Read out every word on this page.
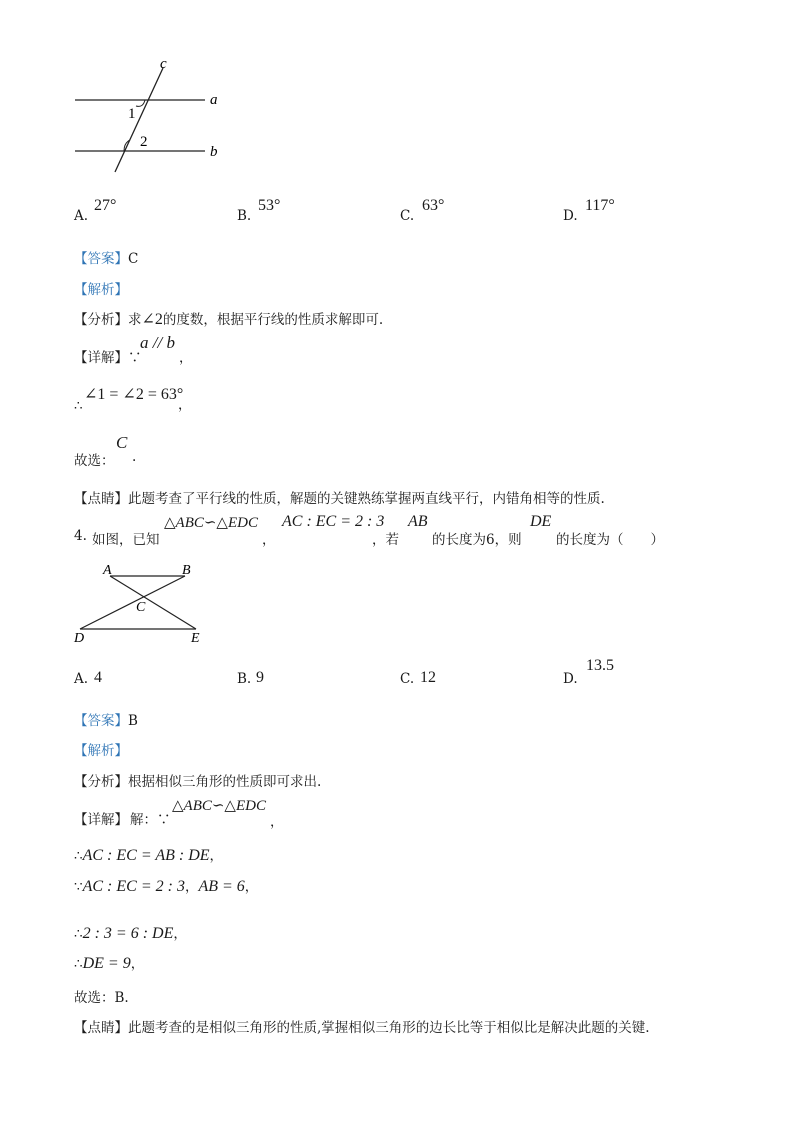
c
a
b
1
2
A.
27°
B.
53°
C.
63°
D.
117°
【答案】C
【解析】
【分析】求∠2的度数，根据平行线的性质求解即可.
【详解】∵
a // b
，
∴
∠1 = ∠2 = 63°
，
故选：
C
.
【点睛】此题考查了平行线的性质，解题的关键熟练掌握两直线平行，内错角相等的性质.
4. 如图，已知
△ABC∽△EDC
，
AC : EC = 2 : 3
，若
AB
的长度为6，则
DE
的长度为（　　）
A	B
C
D	E
A. 4	B. 9	C. 12	D.
13.5
【答案】B
【解析】
【分析】根据相似三角形的性质即可求出.
【详解】 解：∵
△ABC∽△EDC
，
∴AC : EC = AB : DE，
∵AC : EC = 2 : 3，AB = 6，
∴2 : 3 = 6 : DE，
∴DE = 9，
故选：B.
【点睛】此题考查的是相似三角形的性质,掌握相似三角形的边长比等于相似比是解决此题的关键.
